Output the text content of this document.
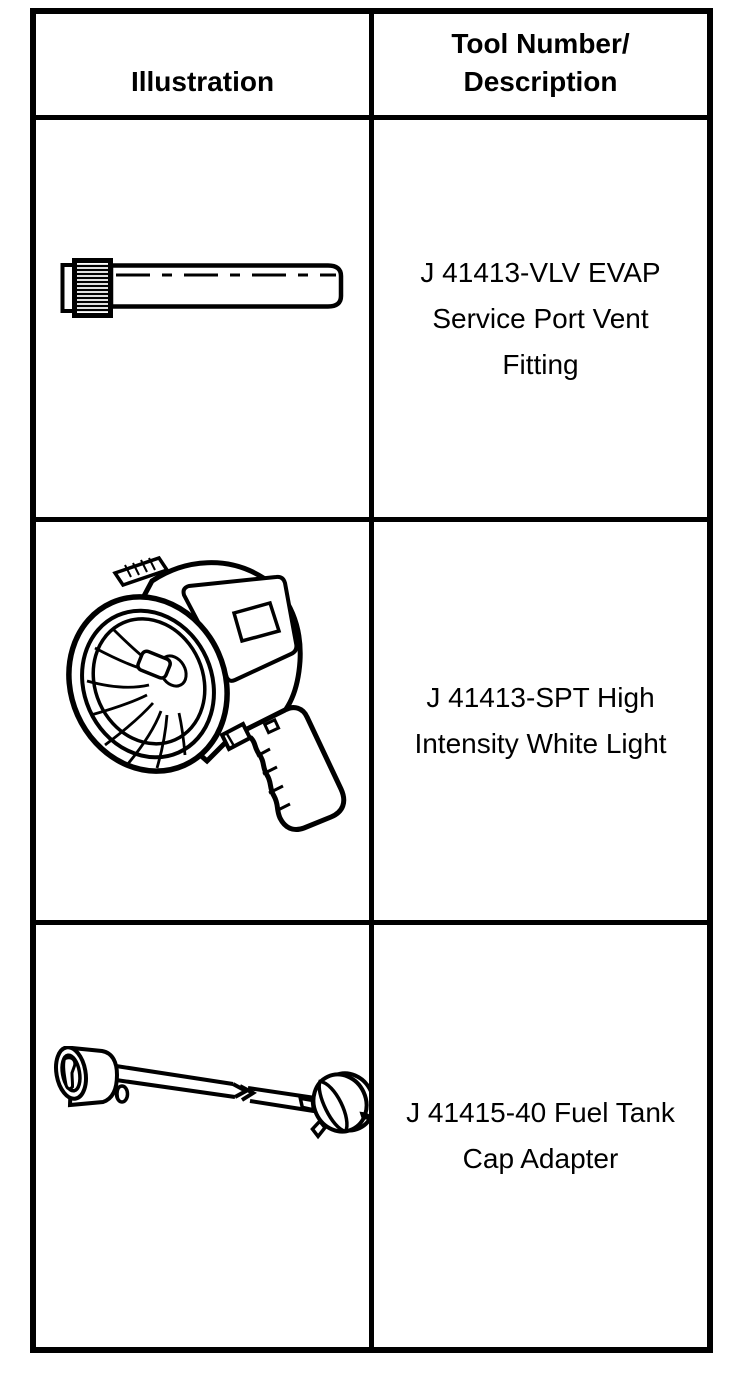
Illustration
Tool Number/
Description
J 41413-VLV EVAP
Service Port Vent
Fitting
J 41413-SPT High
Intensity White Light
J 41415-40 Fuel Tank
Cap Adapter
